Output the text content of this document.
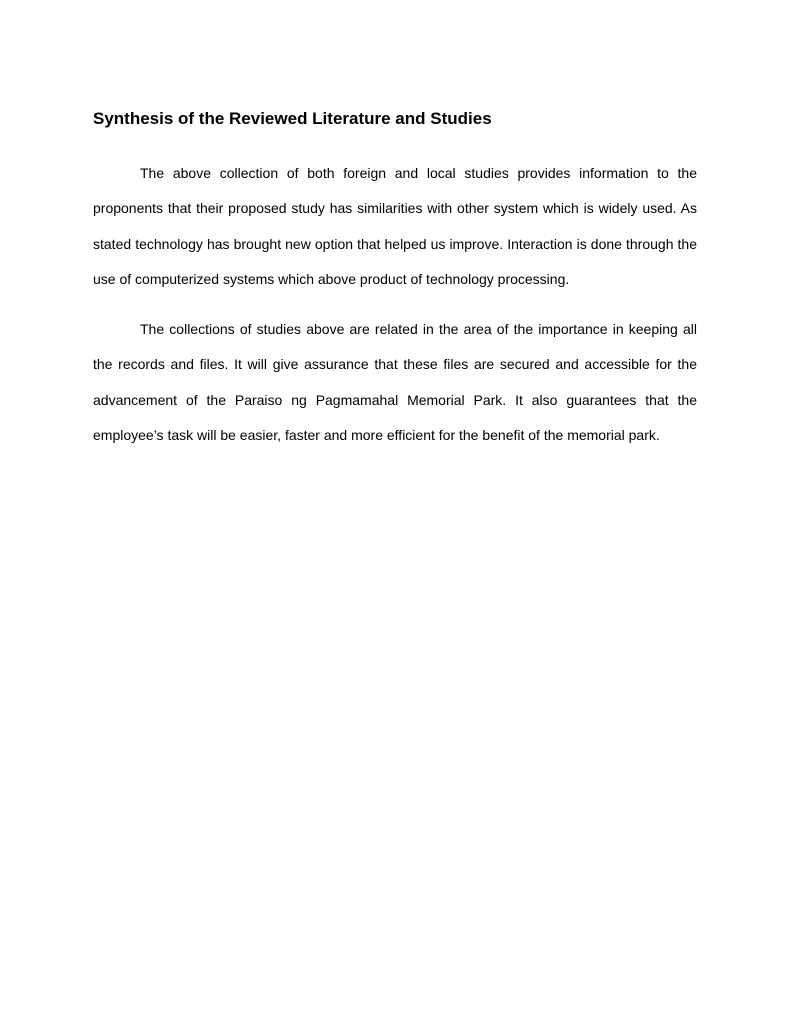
Synthesis of the Reviewed Literature and Studies

The above collection of both foreign and local studies provides information to the proponents that their proposed study has similarities with other system which is widely used. As stated technology has brought new option that helped us improve. Interaction is done through the use of computerized systems which above product of technology processing.

The collections of studies above are related in the area of the importance in keeping all the records and files. It will give assurance that these files are secured and accessible for the advancement of the Paraiso ng Pagmamahal Memorial Park. It also guarantees that the employee’s task will be easier, faster and more efficient for the benefit of the memorial park.
